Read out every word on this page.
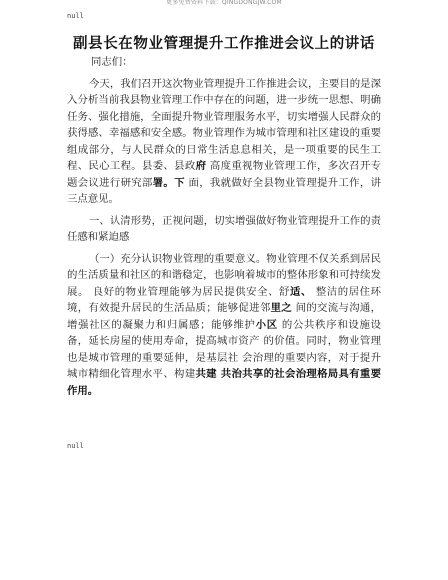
更多免费资料下载：QINGDONGJW.COM
null
副县长在物业管理提升工作推进会议上的讲话
同志们：

今天，我们召开这次物业管理提升工作推进会议，主要目的是深入分析当前我县物业管理工作中存在的问题，进一步统一思想、明确任务、强化措施，全面提升物业管理服务水平，切实增强人民群众的获得感、幸福感和安全感。物业管理作为城市管理和社区建设的重要组成部分，与人民群众的日常生活息息相关，是一项重要的民生工程、民心工程。县委、县政府 高度重视物业管理工作，多次召开专题会议进行研究部署。下 面，我就做好全县物业管理提升工作，讲三点意见。

一、认清形势，正视问题，切实增强做好物业管理提升工作的责任感和紧迫感

（一）充分认识物业管理的重要意义。物业管理不仅关系到居民的生活质量和社区的和谐稳定，也影响着城市的整体形象和可持续发展。 良好的物业管理能够为居民提供安全、舒适、 整洁的居住环境，有效提升居民的生活品质；能够促进邻里之 间的交流与沟通，增强社区的凝聚力和归属感；能够维护小区 的公共秩序和设施设备，延长房屋的使用寿命，提高城市资产 的价值。同时，物业管理也是城市管理的重要延伸，是基层社 会治理的重要内容，对于提升城市精细化管理水平、构建共建 共治共享的社会治理格局具有重要作用。

null
